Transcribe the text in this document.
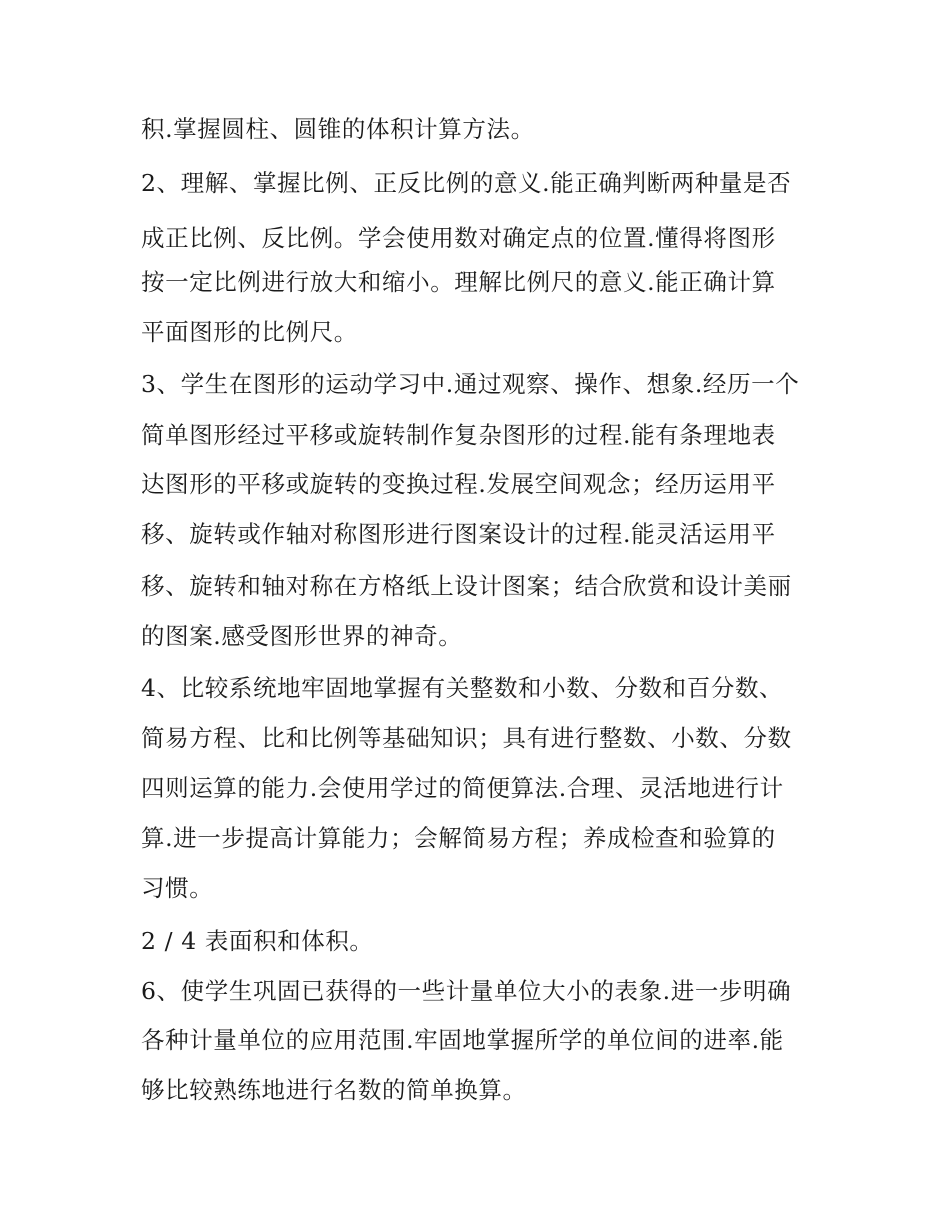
积.掌握圆柱、圆锥的体积计算方法。
2、理解、掌握比例、正反比例的意义.能正确判断两种量是否
成正比例、反比例。学会使用数对确定点的位置.懂得将图形
按一定比例进行放大和缩小。理解比例尺的意义.能正确计算
平面图形的比例尺。
3、学生在图形的运动学习中.通过观察、操作、想象.经历一个
简单图形经过平移或旋转制作复杂图形的过程.能有条理地表
达图形的平移或旋转的变换过程.发展空间观念；经历运用平
移、旋转或作轴对称图形进行图案设计的过程.能灵活运用平
移、旋转和轴对称在方格纸上设计图案；结合欣赏和设计美丽
的图案.感受图形世界的神奇。
4、比较系统地牢固地掌握有关整数和小数、分数和百分数、
简易方程、比和比例等基础知识；具有进行整数、小数、分数
四则运算的能力.会使用学过的简便算法.合理、灵活地进行计
算.进一步提高计算能力；会解简易方程；养成检查和验算的
习惯。
2 / 4 表面积和体积。
6、使学生巩固已获得的一些计量单位大小的表象.进一步明确
各种计量单位的应用范围.牢固地掌握所学的单位间的进率.能
够比较熟练地进行名数的简单换算。
